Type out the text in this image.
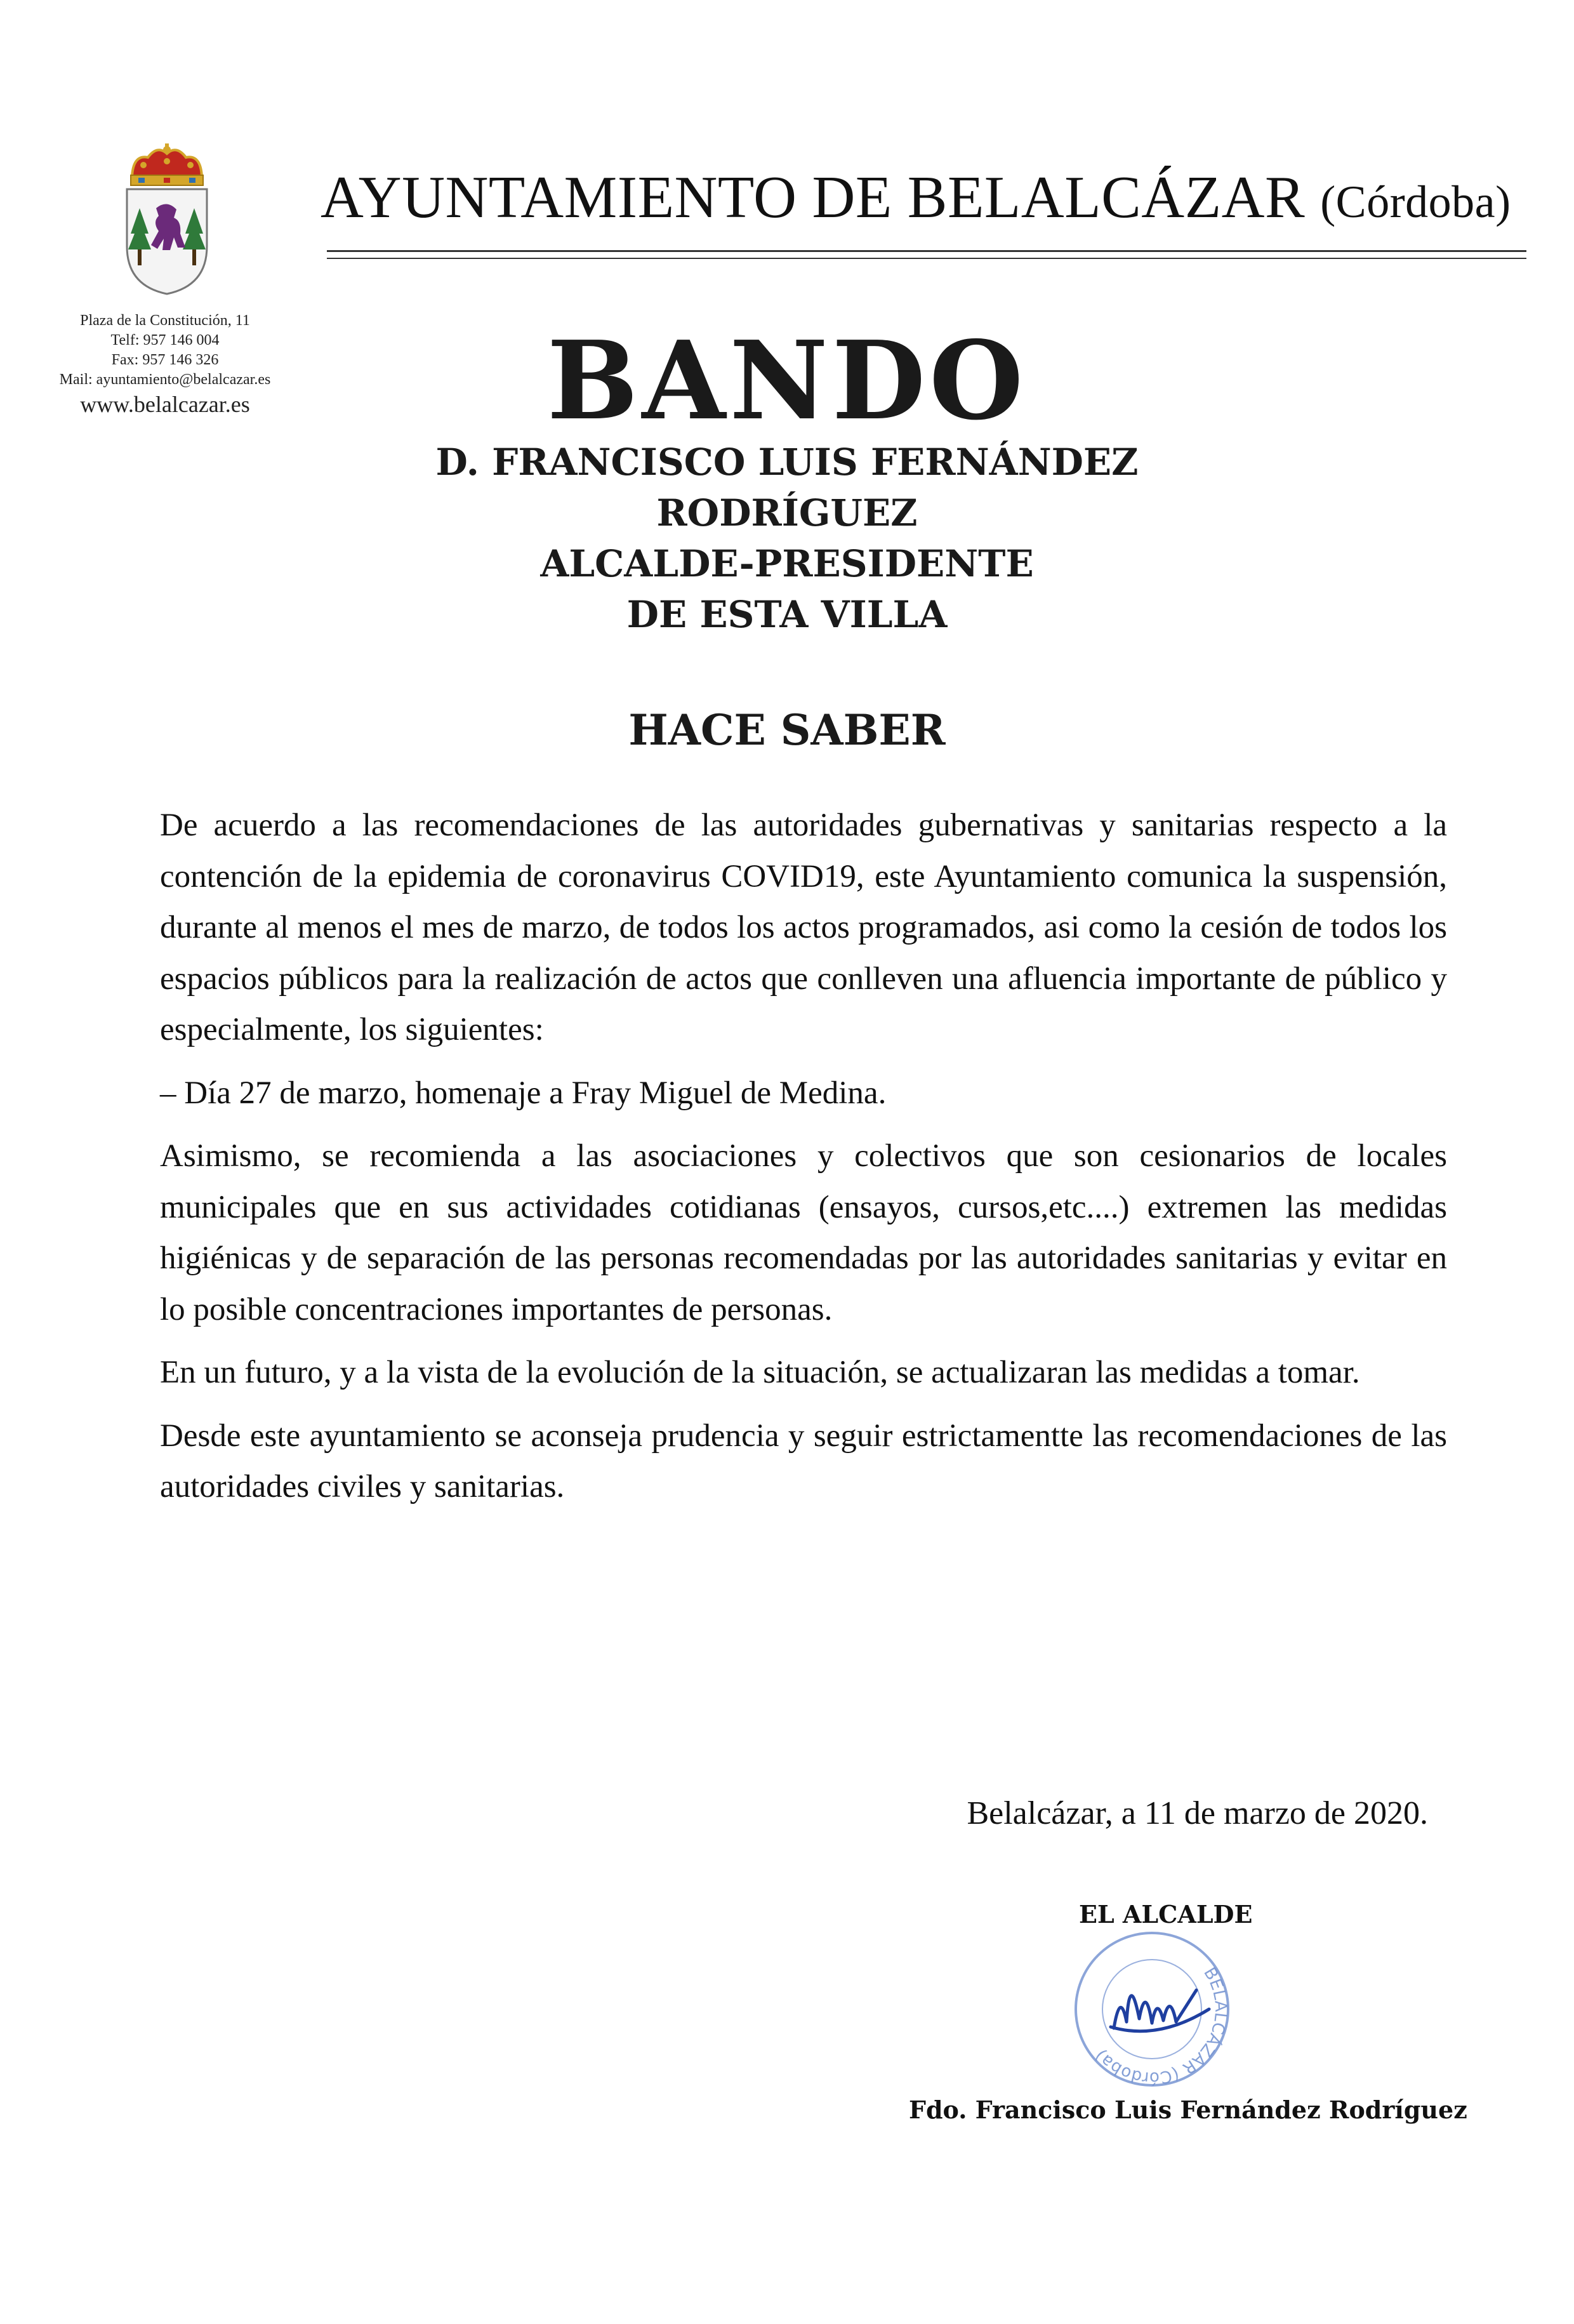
Plaza de la Constitución, 11
Telf: 957 146 004
Fax: 957 146 326
Mail: ayuntamiento@belalcazar.es
www.belalcazar.es
AYUNTAMIENTO DE BELALCÁZAR (Córdoba)
BANDO
D. FRANCISCO LUIS FERNÁNDEZ
RODRÍGUEZ
ALCALDE-PRESIDENTE
DE ESTA VILLA
HACE SABER

De acuerdo a las recomendaciones de las autoridades gubernativas y sanitarias respecto a la contención de la epidemia de coronavirus COVID19, este Ayuntamiento comunica la suspensión, durante al menos el mes de marzo, de todos los actos programados, asi como la cesión de todos los espacios públicos para la realización de actos que conlleven una afluencia importante de público y especialmente, los siguientes:

– Día 27 de marzo, homenaje a Fray Miguel de Medina.

Asimismo, se recomienda a las asociaciones y colectivos que son cesionarios de locales municipales que en sus actividades cotidianas (ensayos, cursos,etc....) extremen las medidas higiénicas y de separación de las personas recomendadas por las autoridades sanitarias y evitar en lo posible concentraciones importantes de personas.

En un futuro, y a la vista de la evolución de la situación, se actualizaran las medidas a tomar.

Desde este ayuntamiento se aconseja prudencia y seguir estrictamentte las recomendaciones de las autoridades civiles y sanitarias.

Belalcázar, a 11 de marzo de 2020.
EL ALCALDE
BELALCÁZAR (Córdoba)
Fdo. Francisco Luis Fernández Rodríguez
